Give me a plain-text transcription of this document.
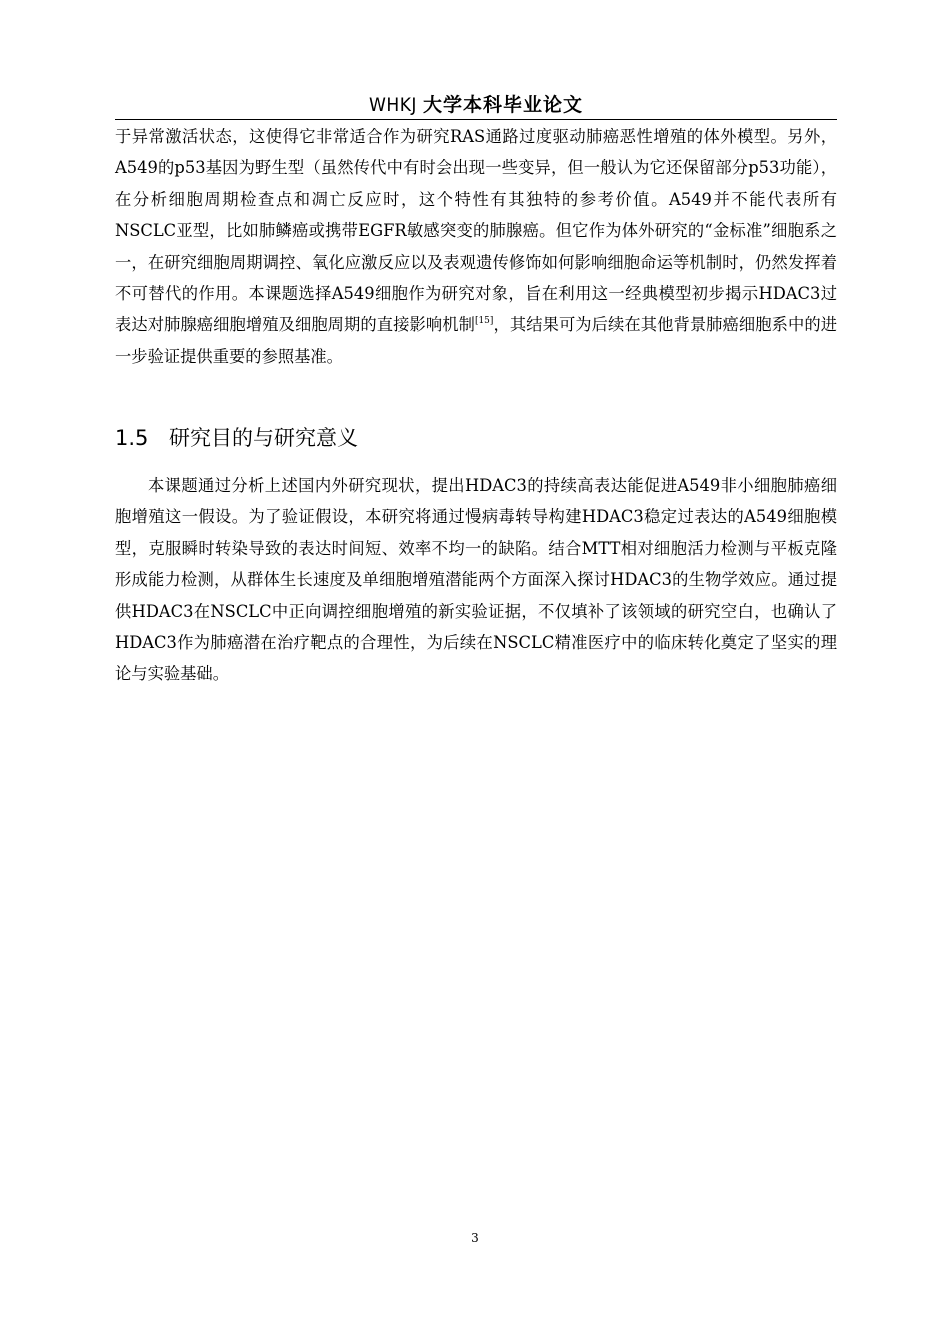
WHKJ 大学本科毕业论文

于异常激活状态，这使得它非常适合作为研究RAS通路过度驱动肺癌恶性增殖的体外模型。另外，A549的p53基因为野生型（虽然传代中有时会出现一些变异，但一般认为它还保留部分p53功能），在分析细胞周期检查点和凋亡反应时，这个特性有其独特的参考价值。A549并不能代表所有NSCLC亚型，比如肺鳞癌或携带EGFR敏感突变的肺腺癌。但它作为体外研究的“金标准”细胞系之一，在研究细胞周期调控、氧化应激反应以及表观遗传修饰如何影响细胞命运等机制时，仍然发挥着不可替代的作用。本课题选择A549细胞作为研究对象，旨在利用这一经典模型初步揭示HDAC3过表达对肺腺癌细胞增殖及细胞周期的直接影响机制[15]，其结果可为后续在其他背景肺癌细胞系中的进一步验证提供重要的参照基准。

1.5 研究目的与研究意义

本课题通过分析上述国内外研究现状，提出HDAC3的持续高表达能促进A549非小细胞肺癌细胞增殖这一假设。为了验证假设，本研究将通过慢病毒转导构建HDAC3稳定过表达的A549细胞模型，克服瞬时转染导致的表达时间短、效率不均一的缺陷。结合MTT相对细胞活力检测与平板克隆形成能力检测，从群体生长速度及单细胞增殖潜能两个方面深入探讨HDAC3的生物学效应。通过提供HDAC3在NSCLC中正向调控细胞增殖的新实验证据，不仅填补了该领域的研究空白，也确认了HDAC3作为肺癌潜在治疗靶点的合理性，为后续在NSCLC精准医疗中的临床转化奠定了坚实的理论与实验基础。

3
